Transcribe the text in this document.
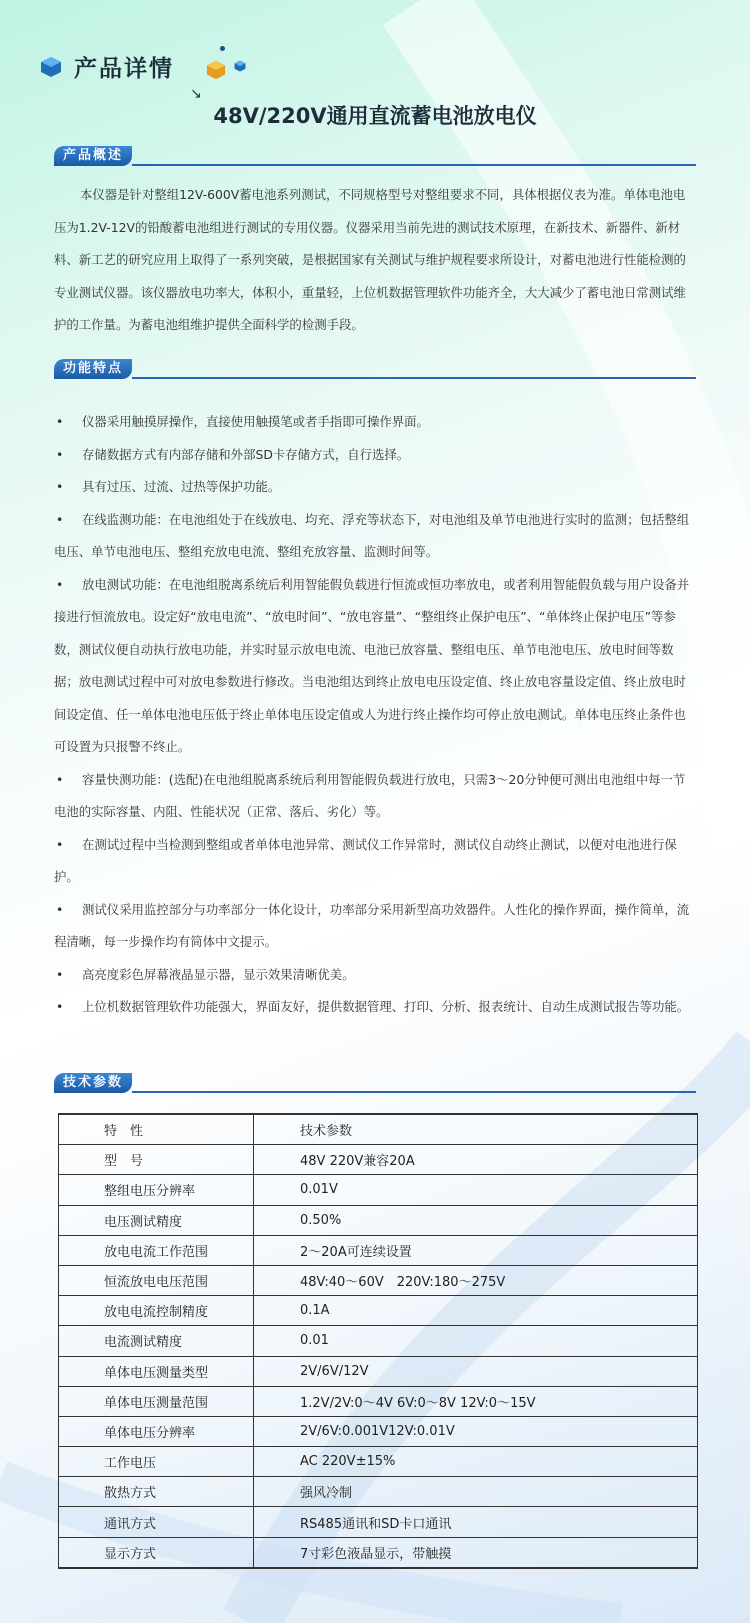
产品详情
↘
48V/220V通用直流蓄电池放电仪
产品概述

本仪器是针对整组12V-600V蓄电池系列测试，不同规格型号对整组要求不同，具体根据仪表为准。单体电池电压为1.2V-12V的铅酸蓄电池组进行测试的专用仪器。仪器采用当前先进的测试技术原理，在新技术、新器件、新材料、新工艺的研究应用上取得了一系列突破，是根据国家有关测试与维护规程要求所设计，对蓄电池进行性能检测的专业测试仪器。该仪器放电功率大，体积小，重量轻，上位机数据管理软件功能齐全，大大减少了蓄电池日常测试维护的工作量。为蓄电池组维护提供全面科学的检测手段。

功能特点
• 仪器采用触摸屏操作，直接使用触摸笔或者手指即可操作界面。
• 存储数据方式有内部存储和外部SD卡存储方式，自行选择。
• 具有过压、过流、过热等保护功能。
• 在线监测功能：在电池组处于在线放电、均充、浮充等状态下，对电池组及单节电池进行实时的监测；包括整组电压、单节电池电压、整组充放电电流、整组充放容量、监测时间等。
• 放电测试功能：在电池组脱离系统后利用智能假负载进行恒流或恒功率放电，或者利用智能假负载与用户设备并接进行恒流放电。设定好“放电电流”、“放电时间”、“放电容量”、“整组终止保护电压”、“单体终止保护电压”等参数，测试仪便自动执行放电功能，并实时显示放电电流、电池已放容量、整组电压、单节电池电压、放电时间等数据；放电测试过程中可对放电参数进行修改。当电池组达到终止放电电压设定值、终止放电容量设定值、终止放电时间设定值、任一单体电池电压低于终止单体电压设定值或人为进行终止操作均可停止放电测试。单体电压终止条件也可设置为只报警不终止。
• 容量快测功能：(选配)在电池组脱离系统后利用智能假负载进行放电，只需3～20分钟便可测出电池组中每一节电池的实际容量、内阻、性能状况（正常、落后、劣化）等。
• 在测试过程中当检测到整组或者单体电池异常、测试仪工作异常时，测试仪自动终止测试，以便对电池进行保护。
• 测试仪采用监控部分与功率部分一体化设计，功率部分采用新型高功效器件。人性化的操作界面，操作简单，流程清晰，每一步操作均有简体中文提示。
• 高亮度彩色屏幕液晶显示器，显示效果清晰优美。
• 上位机数据管理软件功能强大，界面友好，提供数据管理、打印、分析、报表统计、自动生成测试报告等功能。
技术参数
特　性	技术参数
型　号	48V 220V兼容20A
整组电压分辨率	0.01V
电压测试精度	0.50%
放电电流工作范围	2～20A可连续设置
恒流放电电压范围	48V:40～60V　220V:180～275V
放电电流控制精度	0.1A
电流测试精度	0.01
单体电压测量类型	2V/6V/12V
单体电压测量范围	1.2V/2V:0～4V 6V:0～8V 12V:0～15V
单体电压分辨率	2V/6V:0.001V12V:0.01V
工作电压	AC 220V±15%
散热方式	强风冷制
通讯方式	RS485通讯和SD卡口通讯
显示方式	7寸彩色液晶显示，带触摸
